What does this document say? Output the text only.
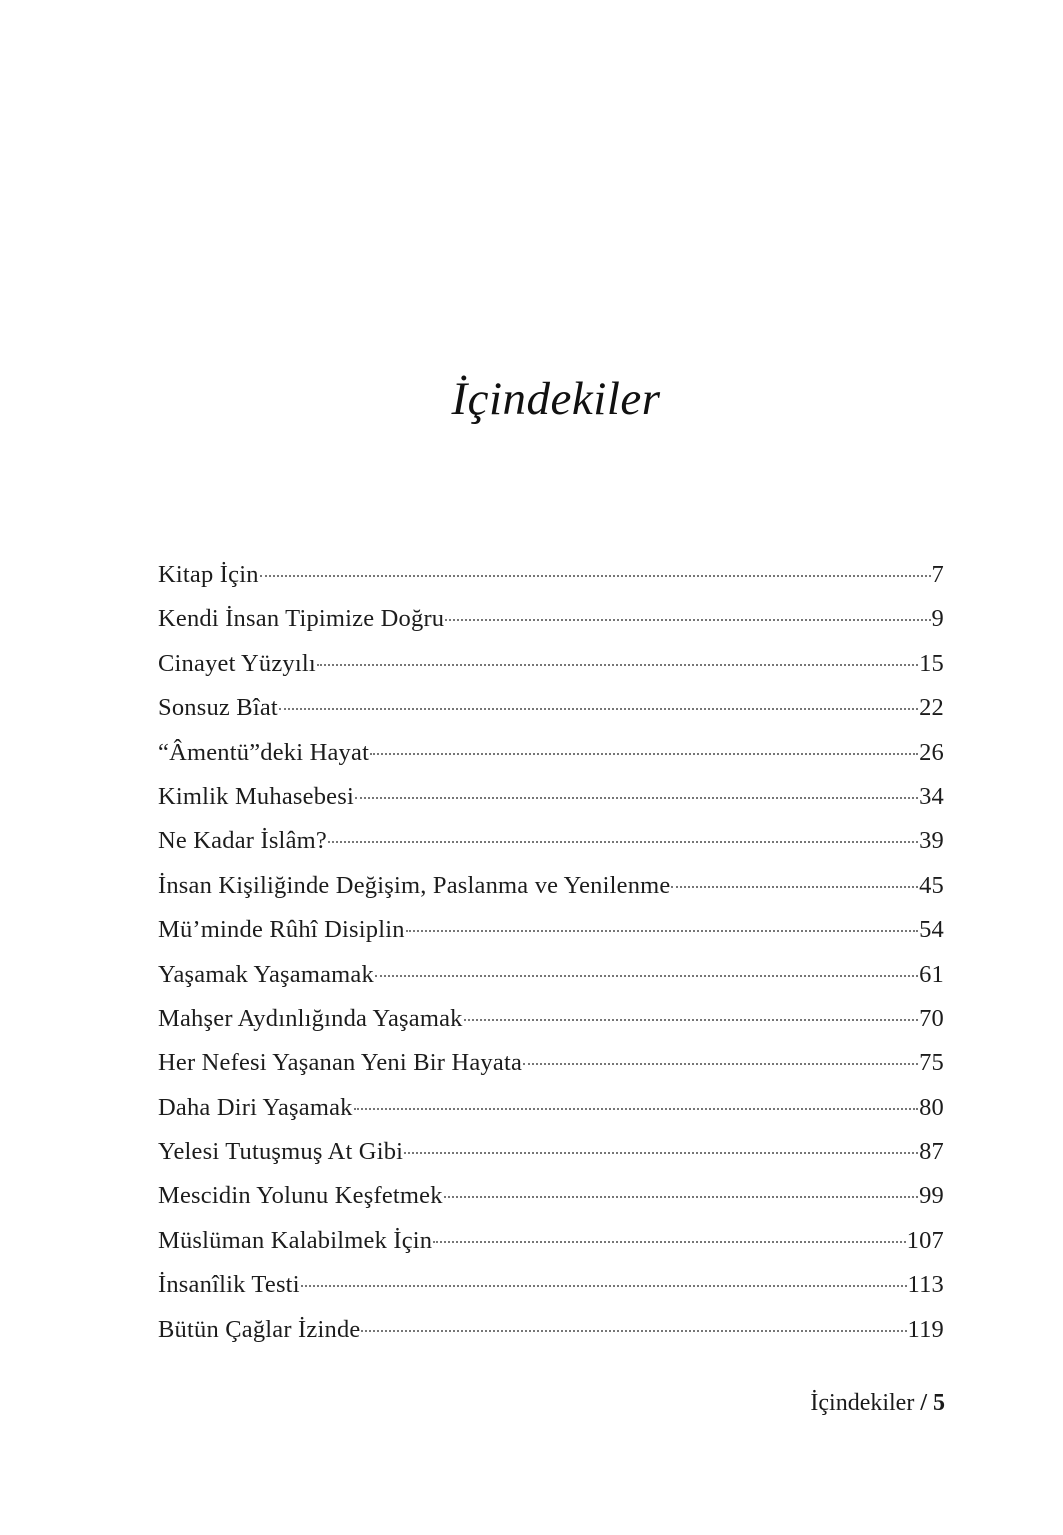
İçindekiler
Kitap İçin	7
Kendi İnsan Tipimize Doğru	9
Cinayet Yüzyılı	15
Sonsuz Bîat	22
“Âmentü”deki Hayat	26
Kimlik Muhasebesi	34
Ne Kadar İslâm?	39
İnsan Kişiliğinde Değişim, Paslanma ve Yenilenme	45
Mü’minde Rûhî Disiplin	54
Yaşamak Yaşamamak	61
Mahşer Aydınlığında Yaşamak	70
Her Nefesi Yaşanan Yeni Bir Hayata	75
Daha Diri Yaşamak	80
Yelesi Tutuşmuş At Gibi	87
Mescidin Yolunu Keşfetmek	99
Müslüman Kalabilmek İçin	107
İnsanîlik Testi	113
Bütün Çağlar İzinde	119
İçindekiler / 5
